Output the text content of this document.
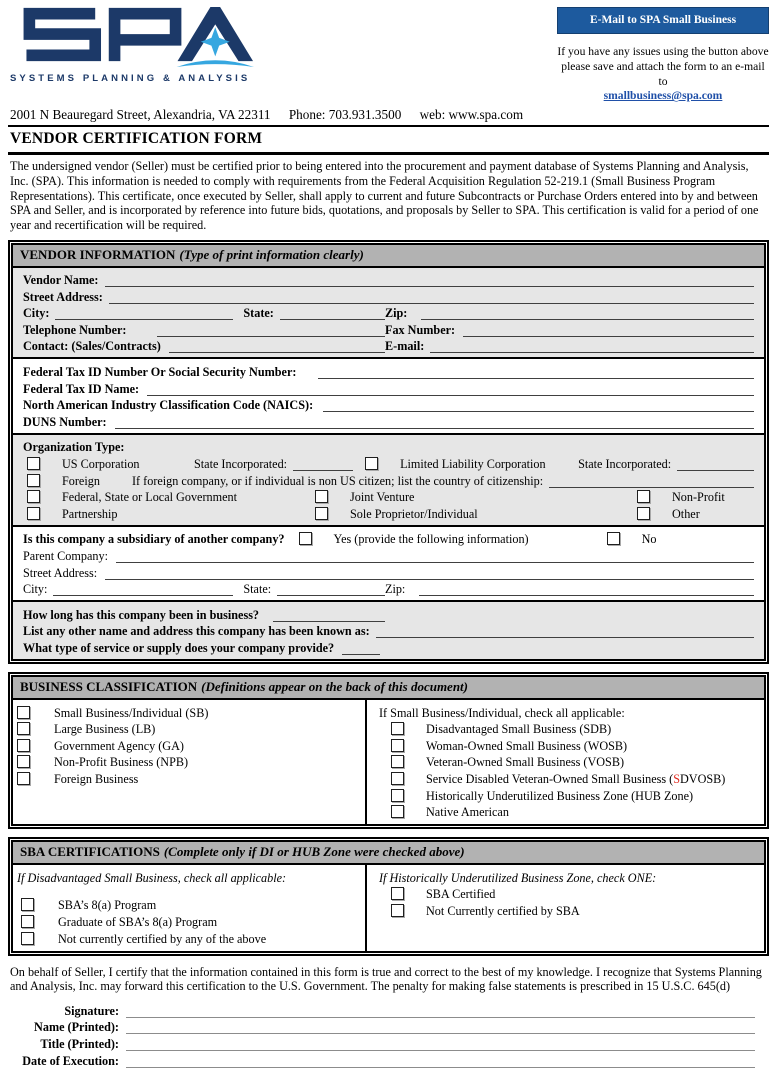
SYSTEMS PLANNING & ANALYSIS
E-Mail to SPA Small Business
If you have any issues using the button above
please save and attach the form to an e-mail to
smallbusiness@spa.com
2001 N Beauregard Street, Alexandria, VA 22311 Phone: 703.931.3500 web: www.spa.com
VENDOR CERTIFICATION FORM

The undersigned vendor (Seller) must be certified prior to being entered into the procurement and payment database of Systems Planning and Analysis, Inc. (SPA). This information is needed to comply with requirements from the Federal Acquisition Regulation 52-219.1 (Small Business Program Representations). This certificate, once executed by Seller, shall apply to current and future Subcontracts or Purchase Orders entered into by and between SPA and Seller, and is incorporated by reference into future bids, quotations, and proposals by Seller to SPA. This certification is valid for a period of one year and recertification will be required.

VENDOR INFORMATION (Type of print information clearly)
Vendor Name:
Street Address:
City:	State:	Zip:
Telephone Number:	Fax Number:
Contact: (Sales/Contracts)	E-mail:
Federal Tax ID Number Or Social Security Number:
Federal Tax ID Name:
North American Industry Classification Code (NAICS):
DUNS Number:
Organization Type:
US Corporation	State Incorporated:	Limited Liability Corporation	State Incorporated:
Foreign	If foreign company, or if individual is non US citizen; list the country of citizenship:
Federal, State or Local Government	Joint Venture	Non-Profit
Partnership	Sole Proprietor/Individual	Other
Is this company a subsidiary of another company?	Yes (provide the following information)	No
Parent Company:
Street Address:
City:	State:	Zip:
How long has this company been in business?
List any other name and address this company has been known as:
What type of service or supply does your company provide?
BUSINESS CLASSIFICATION (Definitions appear on the back of this document)
Small Business/Individual (SB)
Large Business (LB)
Government Agency (GA)
Non-Profit Business (NPB)
Foreign Business
If Small Business/Individual, check all applicable:
Disadvantaged Small Business (SDB)
Woman-Owned Small Business (WOSB)
Veteran-Owned Small Business (VOSB)
Service Disabled Veteran-Owned Small Business (SDVOSB)
Historically Underutilized Business Zone (HUB Zone)
Native American
SBA CERTIFICATIONS (Complete only if DI or HUB Zone were checked above)
If Disadvantaged Small Business, check all applicable:
SBA’s 8(a) Program
Graduate of SBA’s 8(a) Program
Not currently certified by any of the above
If Historically Underutilized Business Zone, check ONE:
SBA Certified
Not Currently certified by SBA

On behalf of Seller, I certify that the information contained in this form is true and correct to the best of my knowledge. I recognize that Systems Planning and Analysis, Inc. may forward this certification to the U.S. Government. The penalty for making false statements is prescribed in 15 U.S.C. 645(d)

Signature:
Name (Printed):
Title (Printed):
Date of Execution:
